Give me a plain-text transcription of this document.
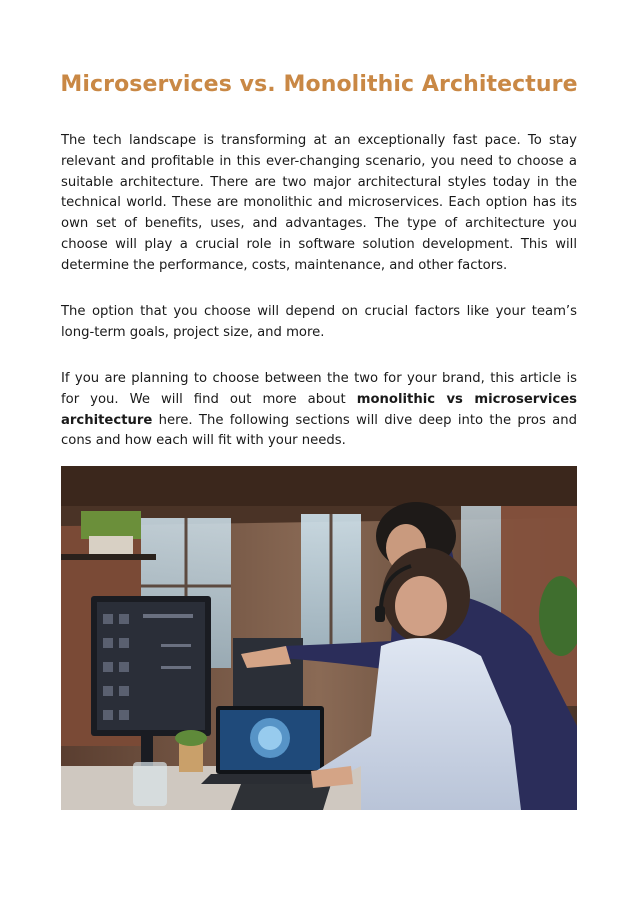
Microservices vs. Monolithic Architecture

The tech landscape is transforming at an exceptionally fast pace. To stay relevant and profitable in this ever-changing scenario, you need to choose a suitable architecture. There are two major architectural styles today in the technical world. These are monolithic and microservices. Each option has its own set of benefits, uses, and advantages. The type of architecture you choose will play a crucial role in software solution development. This will determine the performance, costs, maintenance, and other factors.

The option that you choose will depend on crucial factors like your team’s long-term goals, project size, and more.

If you are planning to choose between the two for your brand, this article is for you. We will find out more about monolithic vs microservices architecture here. The following sections will dive deep into the pros and cons and how each will fit with your needs.
